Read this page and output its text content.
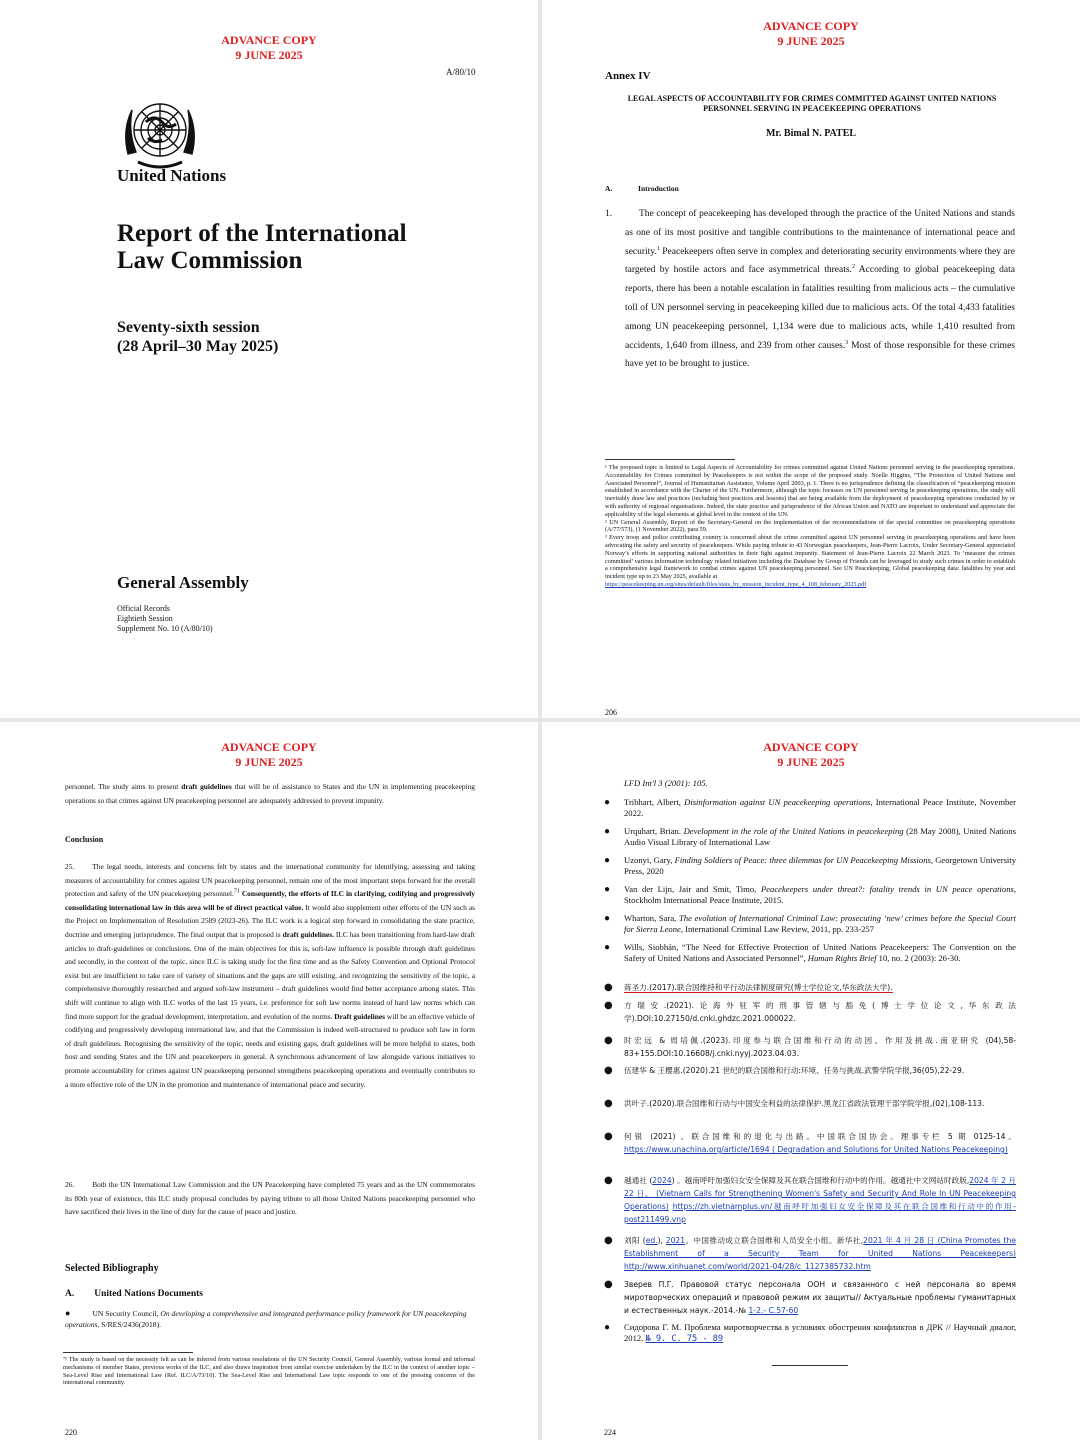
ADVANCE COPY
9 JUNE 2025
A/80/10
United Nations
Report of the International Law Commission
Seventy-sixth session
(28 April–30 May 2025)
General Assembly
Official Records
Eightieth Session
Supplement No. 10 (A/80/10)
ADVANCE COPY
9 JUNE 2025
Annex IV
LEGAL ASPECTS OF ACCOUNTABILITY FOR CRIMES COMMITTED AGAINST UNITED NATIONS PERSONNEL SERVING IN PEACEKEEPING OPERATIONS
Mr. Bimal N. PATEL
A.	Introduction
1.	The concept of peacekeeping has developed through the practice of the United Nations and stands as one of its most positive and tangible contributions to the maintenance of international peace and security.$^1$ Peacekeepers often serve in complex and deteriorating security environments where they are targeted by hostile actors and face asymmetrical threats.$^2$ According to global peacekeeping data reports, there has been a notable escalation in fatalities resulting from malicious acts – the cumulative toll of UN personnel serving in peacekeeping killed due to malicious acts. Of the total 4,433 fatalities among UN peacekeeping personnel, 1,134 were due to malicious acts, while 1,410 resulted from accidents, 1,640 from illness, and 239 from other causes.$^3$ Most of those responsible for these crimes have yet to be brought to justice.
¹ The proposed topic is limited to Legal Aspects of Accountability for crimes committed against United Nations personnel serving in the peacekeeping operations. Accountability for Crimes committed by Peacekeepers is not within the scope of the proposed study. Noelle Higgins, “The Protection of United Nations and Associated Personnel”, Journal of Humanitarian Assistance, Volume April 2003, p. 1. There is no jurisprudence defining the classification of “peacekeeping mission established in accordance with the Charter of the UN. Furthermore, although the topic focusses on UN personnel serving in peacekeeping operations, the study will inevitably draw law and practices (including best practices and lessons) that are being available from the deployment of peacekeeping operations conducted by or with authority of regional organisations. Indeed, the state practice and jurisprudence of the African Union and NATO are important to understand and appreciate the applicability of the legal elements at global level in the context of the UN.
² UN General Assembly, Report of the Secretary-General on the implementation of the recommendations of the special committee on peacekeeping operations (A/77/573), (1 November 2022), para 59.
³ Every troop and police contributing country is concerned about the crime committed against UN personnel serving in peacekeeping operations and have been advocating the safety and security of peacekeepers. While paying tribute to 43 Norwegian peacekeepers, Jean-Pierre Lacroix, Under Secretary-General appreciated Norway’s efforts in supporting national authorities in their fight against impunity. Statement of Jean-Pierre Lacroix 22 March 2023. To ‘measure the crimes committed’ various information technology related initiatives including the Database by Group of Friends can be leveraged to study such crimes in order to establish a comprehensive legal framework to combat crimes against UN peacekeeping personnel. See UN Peacekeeping, Global peacekeeping data: fatalities by year and incident type up to 23 May 2025, available at
https://peacekeeping.un.org/sites/default/files/stats_by_mission_incident_type_4_108_february_2025.pdf
206
ADVANCE COPY
9 JUNE 2025
personnel. The study aims to present draft guidelines that will be of assistance to States and the UN in implementing peacekeeping operations so that crimes against UN peacekeeping personnel are adequately addressed to prevent impunity.
Conclusion
25. The legal needs, interests and concerns felt by states and the international community for identifying, assessing and taking measures of accountability for crimes against UN peacekeeping personnel, remain one of the most important steps forward for the overall protection and safety of the UN peacekeeping personnel.$^{71}$ Consequently, the efforts of ILC in clarifying, codifying and progressively consolidating international law in this area will be of direct practical value. It would also supplement other efforts of the UN such as the Project on Implementation of Resolution 2589 (2023-26). The ILC work is a logical step forward in consolidating the state practice, doctrine and emerging jurisprudence. The final output that is proposed is draft guidelines. ILC has been transitioning from hard-law draft articles to draft-guidelines or conclusions. One of the main objectives for this is, soft-law influence is possible through draft guidelines and secondly, in the context of the topic, since ILC is taking study for the first time and as the Safety Convention and Optional Protocol exist but are insufficient to take care of variety of situations and the gaps are still existing, and recognizing the sensitivity of the topic, a comprehensive thoroughly researched and argued soft-law instrument – draft guidelines would find better acceptance among states. This shift will continue to align with ILC works of the last 15 years, i.e. preference for soft law norms instead of hard law norms which can find more support for the gradual development, interpretation, and evolution of the norms. Draft guidelines will be an effective vehicle of codifying and progressively developing international law, and that the Commission is indeed well-structured to produce soft law in form of draft guidelines. Recognising the sensitivity of the topic, needs and existing gaps, draft guidelines will be more helpful to states, both host and sending States and the UN and peacekeepers in general. A synchronous advancement of law alongside various initiatives to promote accountability for crimes against UN peacekeeping personnel strengthens peacekeeping operations and eventually contributes to a more effective role of the UN in the promotion and maintenance of international peace and security.
26. Both the UN International Law Commission and the UN Peacekeeping have completed 75 years and as the UN commemorates its 80th year of existence, this ILC study proposal concludes by paying tribute to all those United Nations peacekeeping personnel who have sacrificed their lives in the line of duty for the cause of peace and justice.
Selected Bibliography
A. United Nations Documents
●	UN Security Council, On developing a comprehensive and integrated performance policy framework for UN peacekeeping operations, S/RES/2436(2018).
⁷¹ The study is based on the necessity felt as can be inferred from various resolutions of the UN Security Council, General Assembly, various formal and informal mechanisms of member States, previous works of the ILC, and also draws inspiration from similar exercise undertaken by the ILC in the context of another topic – Sea-Level Rise and International Law (Ref. ILC/A/73/10). The Sea-Level Rise and International Law topic responds to one of the pressing concerns of the international community.
220
ADVANCE COPY
9 JUNE 2025
LFD Int'l 3 (2001): 105.
● Tribhart, Albert, Disinformation against UN peacekeeping operations, International Peace Institute, November 2022.
● Urquhart, Brian. Development in the role of the United Nations in peacekeeping (28 May 2008), United Nations Audio Visual Library of International Law
● Uzonyi, Gary, Finding Soldiers of Peace: three dilemmas for UN Peacekeeping Missions, Georgetown University Press, 2020
● Van der Lijn, Jair and Smit, Timo, Peacekeepers under threat?: fatality trends in UN peace operations, Stockholm International Peace Institute, 2015.
● Wharton, Sara, The evolution of International Criminal Law: prosecuting ‘new’ crimes before the Special Court for Sierra Leone, International Criminal Law Review, 2011, pp. 233-257
● Wills, Siobhán, “The Need for Effective Protection of United Nations Peacekeepers: The Convention on the Safety of United Nations and Associated Personnel”, Human Rights Brief 10, no. 2 (2003): 26-30.
● 蒋圣力.(2017).联合国维持和平行动法律制度研究(博士学位论文,华东政法大学).
● 方瑞安.(2021).论海外驻军的刑事管辖与豁免(博士学位论文,华东政法学).DOI:10.27150/d.cnki.ghdzc.2021.000022.
● 时宏远 & 周培佩.(2023).印度参与联合国维和行动的动因、作用及挑战.南亚研究 (04),58-83+155.DOI:10.16608/j.cnki.nyyj.2023.04.03.
● 伍建华 & 王樱惠.(2020).21 世纪的联合国维和行动:环境、任务与挑战.武警学院学报,36(05),22-29.
● 洪叶子.(2020).联合国维和行动与中国安全利益的法律保护.黑龙江省政法管理干部学院学报,(02),108-113.
● 何银 (2021) 。联合国维和的退化与出路。中国联合国协会。理事专栏 5 期 0125-14。https://www.unachina.org/article/1694 ( Degradation and Solutions for United Nations Peacekeeping)
● 越通社 (2024) 。越南呼吁加强妇女安全保障及其在联合国维和行动中的作用。越通社中文网站时政版,2024 年 2 月 22 日。 (Vietnam Calls for Strengthening Women's Safety and Security And Role In UN Peacekeeping Operations) https://zh.vietnamplus.vn/越南呼吁加强妇女安全保障及其在联合国维和行动中的作用-post211499.vnp
● 刘阳 (ed.), 2021。中国推动成立联合国维和人员安全小组。新华社,2021 年 4 月 28 日 (China Promotes the Establishment of a Security Team for United Nations Peacekeepers) http://www.xinhuanet.com/world/2021-04/28/c_1127385732.htm
● Зверев П.Г. Правовой статус персонала ООН и связанного с ней персонала во время миротворческих операций и правовой режим их защиты// Актуальные проблемы гуманитарных и естественных наук.-2014.-№ 1-2.- С.57-60
● Сидорова Г. М. Проблема миротворчества в условиях обострения конфликтов в ДРК // Научный диалог, 2012. № 9. С. 75 - 89
224
